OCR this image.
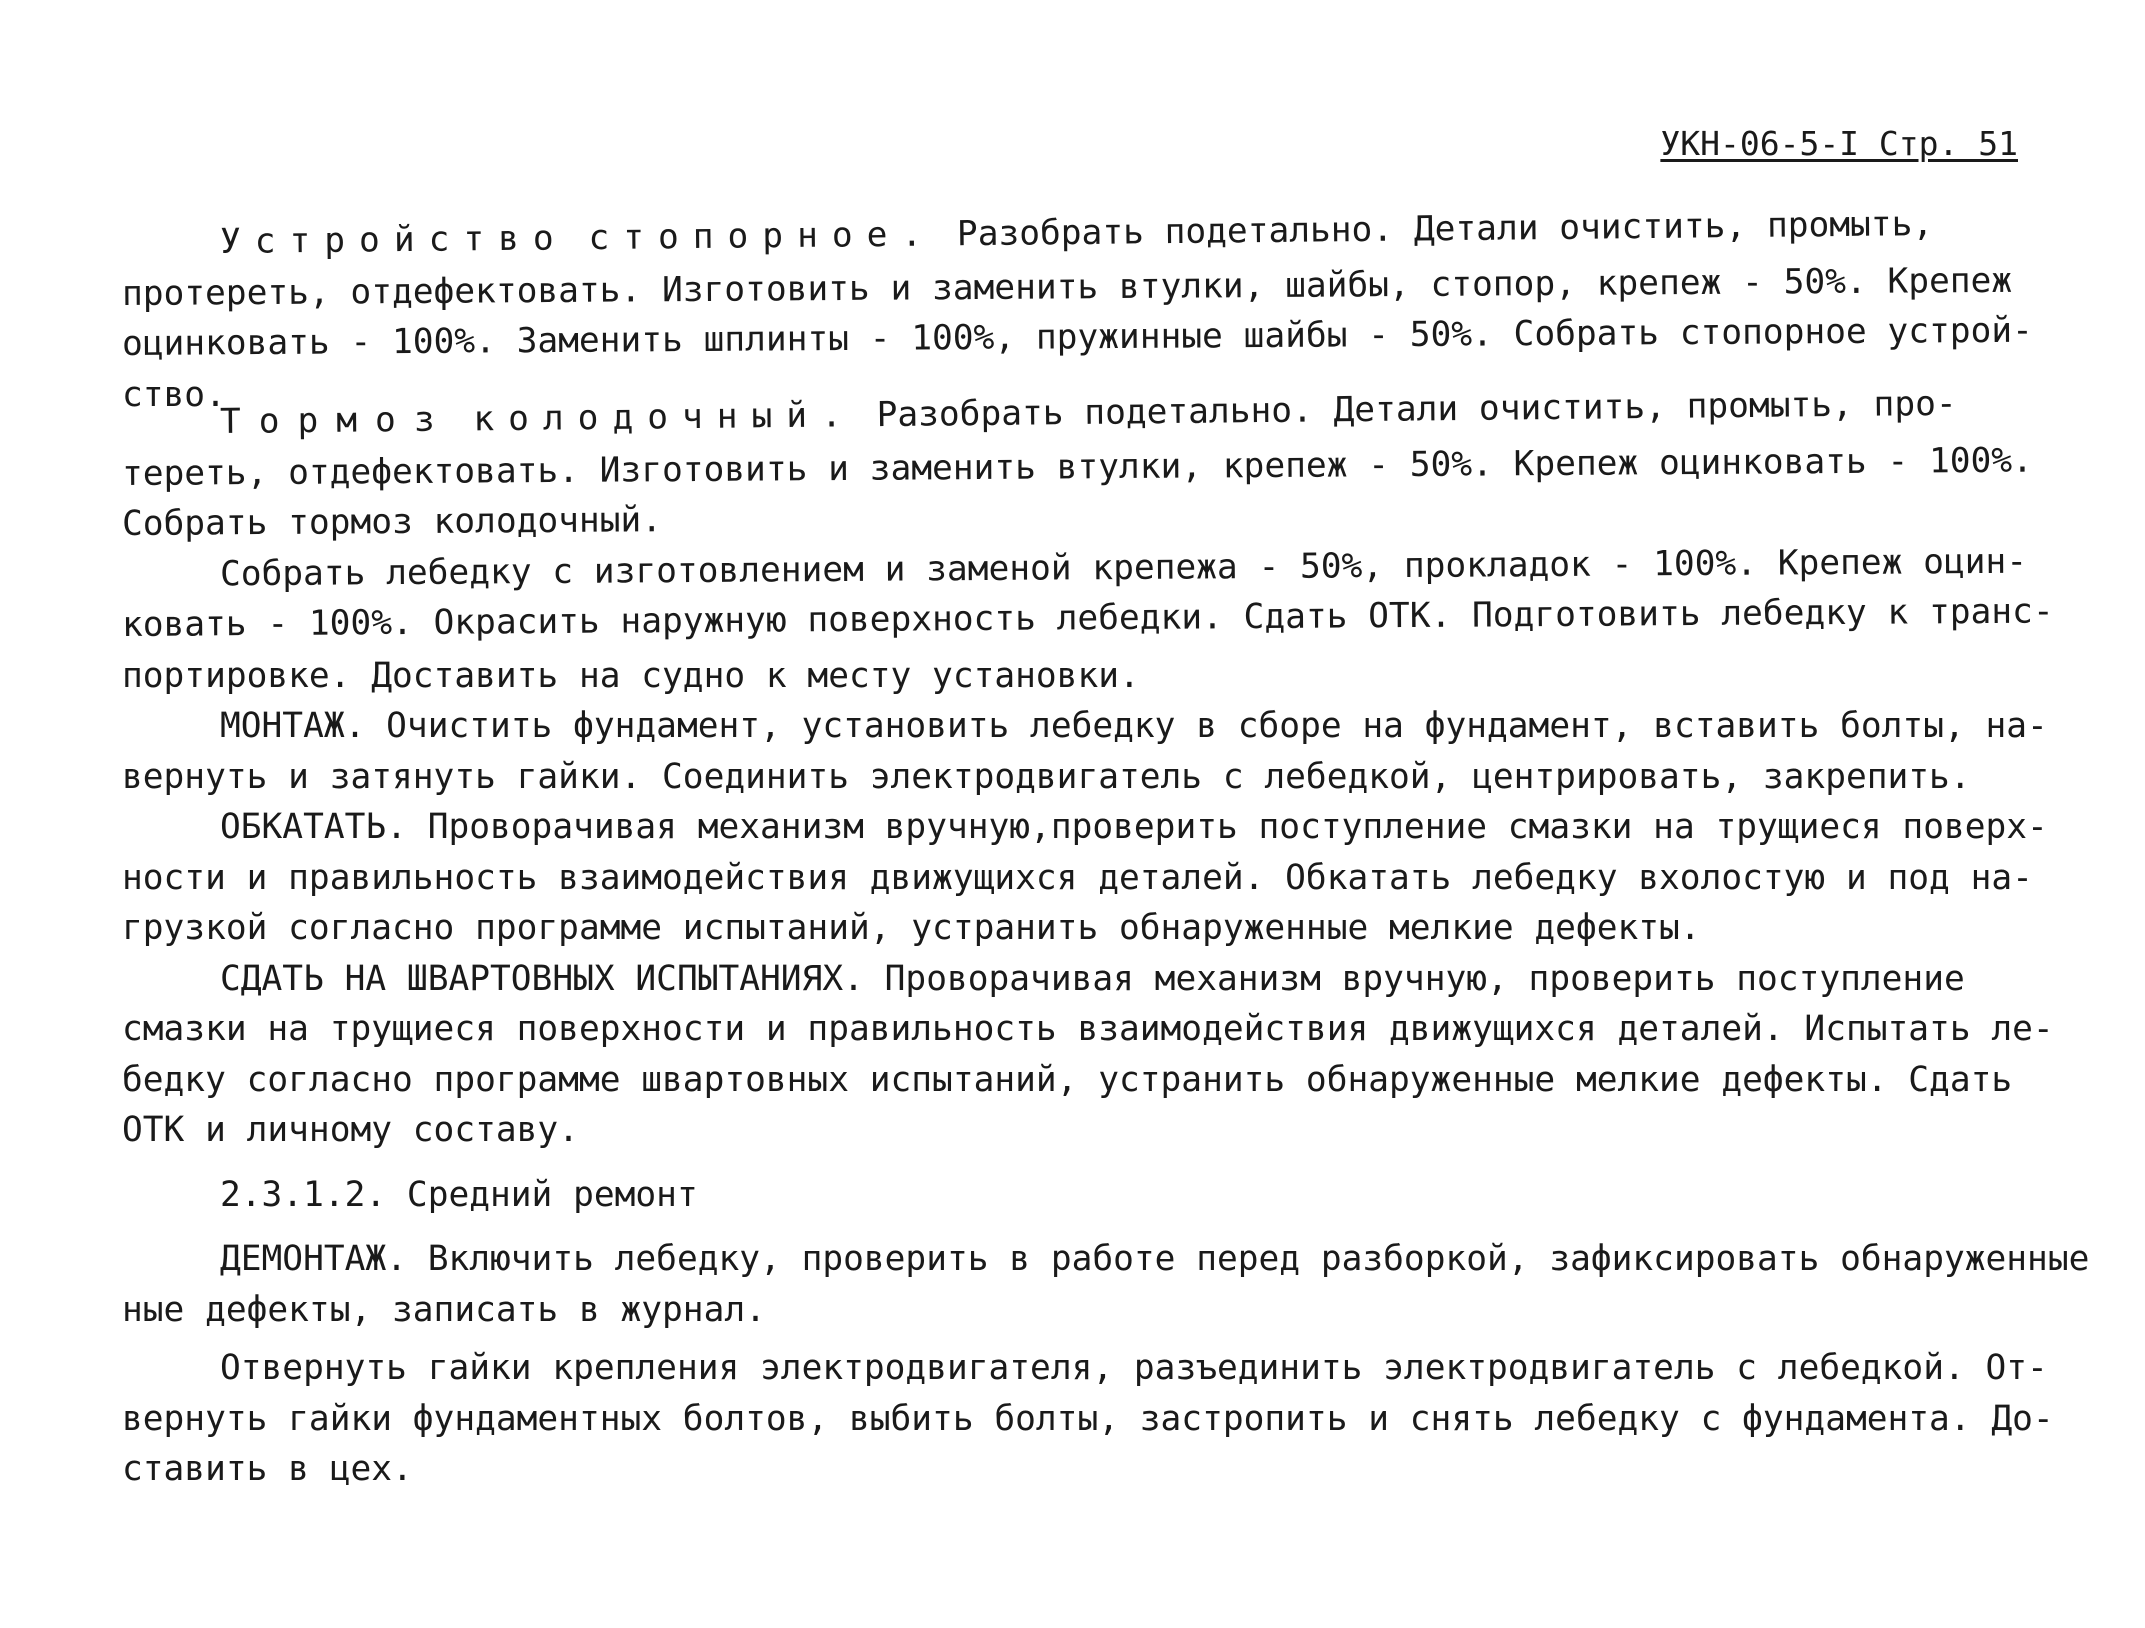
УКН-06-5-I Стр. 51
Устройство стопорное. Разобрать подетально. Детали очистить, промыть,
протереть, отдефектовать. Изготовить и заменить втулки, шайбы, стопор, крепеж - 50%. Крепеж
оцинковать - 100%. Заменить шплинты - 100%, пружинные шайбы - 50%. Собрать стопорное устрой-
ство.
Тормоз колодочный. Разобрать подетально. Детали очистить, промыть, про-
тереть, отдефектовать. Изготовить и заменить втулки, крепеж - 50%. Крепеж оцинковать - 100%.
Собрать тормоз колодочный.
Собрать лебедку с изготовлением и заменой крепежа - 50%, прокладок - 100%. Крепеж оцин-
ковать - 100%. Окрасить наружную поверхность лебедки. Сдать ОТК. Подготовить лебедку к транс-
портировке. Доставить на судно к месту установки.
МОНТАЖ. Очистить фундамент, установить лебедку в сборе на фундамент, вставить болты, на-
вернуть и затянуть гайки. Соединить электродвигатель с лебедкой, центрировать, закрепить.
ОБКАТАТЬ. Проворачивая механизм вручную,проверить поступление смазки на трущиеся поверх-
ности и правильность взаимодействия движущихся деталей. Обкатать лебедку вхолостую и под на-
грузкой согласно программе испытаний, устранить обнаруженные мелкие дефекты.
СДАТЬ НА ШВАРТОВНЫХ ИСПЫТАНИЯХ. Проворачивая механизм вручную, проверить поступление
смазки на трущиеся поверхности и правильность взаимодействия движущихся деталей. Испытать ле-
бедку согласно программе швартовных испытаний, устранить обнаруженные мелкие дефекты. Сдать
ОТК и личному составу.
2.3.1.2. Средний ремонт
ДЕМОНТАЖ. Включить лебедку, проверить в работе перед разборкой, зафиксировать обнаруженные
ные дефекты, записать в журнал.
Отвернуть гайки крепления электродвигателя, разъединить электродвигатель с лебедкой. От-
вернуть гайки фундаментных болтов, выбить болты, застропить и снять лебедку с фундамента. До-
ставить в цех.
